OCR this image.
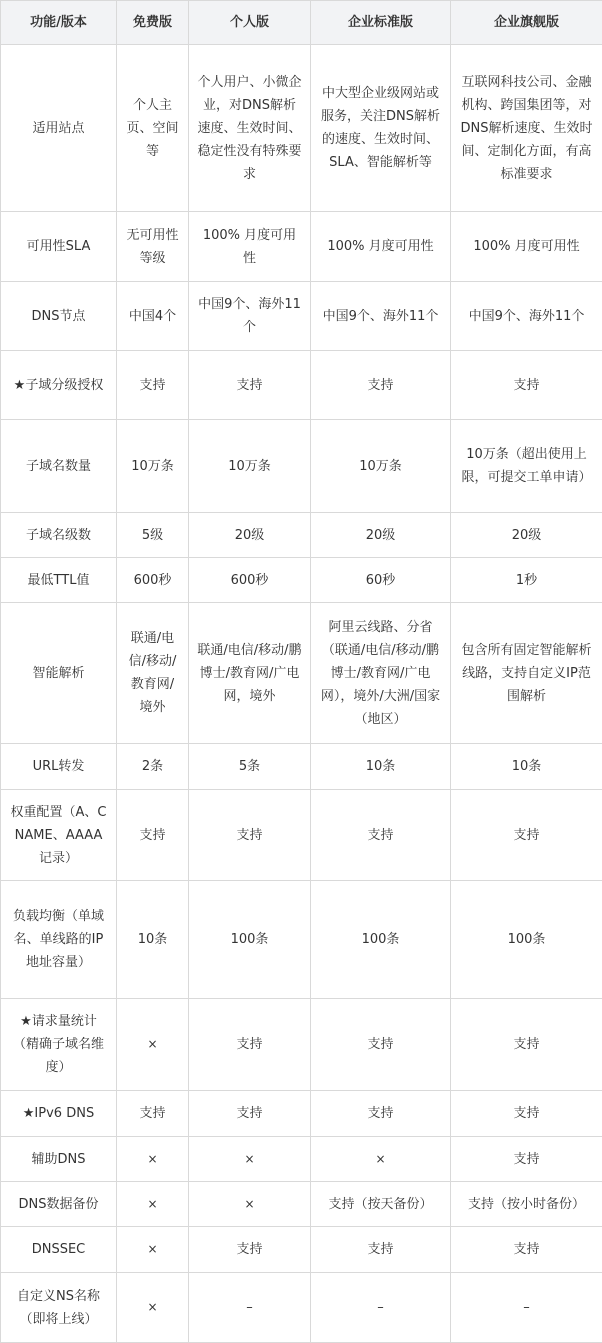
功能/版本	免费版	个人版	企业标准版	企业旗舰版
适用站点	个人主页、空间等	个人用户、小微企业，对DNS解析速度、生效时间、稳定性没有特殊要求	中大型企业级网站或服务，关注DNS解析的速度、生效时间、SLA、智能解析等	互联网科技公司、金融机构、跨国集团等，对DNS解析速度、生效时间、定制化方面，有高标准要求
可用性SLA	无可用性等级	100% 月度可用性	100% 月度可用性	100% 月度可用性
DNS节点	中国4个	中国9个、海外11个	中国9个、海外11个	中国9个、海外11个
★子域分级授权	支持	支持	支持	支持
子域名数量	10万条	10万条	10万条	10万条（超出使用上限，可提交工单申请）
子域名级数	5级	20级	20级	20级
最低TTL值	600秒	600秒	60秒	1秒
智能解析	联通/电信/移动/教育网/境外	联通/电信/移动/鹏博士/教育网/广电网，境外	阿里云线路、分省（联通/电信/移动/鹏博士/教育网/广电网），境外/大洲/国家（地区）	包含所有固定智能解析线路，支持自定义IP范围解析
URL转发	2条	5条	10条	10条
权重配置（A、CNAME、AAAA记录）	支持	支持	支持	支持
负载均衡（单域名、单线路的IP地址容量）	10条	100条	100条	100条
★请求量统计（精确子域名维度）	×	支持	支持	支持
★IPv6 DNS	支持	支持	支持	支持
辅助DNS	×	×	×	支持
DNS数据备份	×	×	支持（按天备份）	支持（按小时备份）
DNSSEC	×	支持	支持	支持
自定义NS名称（即将上线）	×	–	–	–
